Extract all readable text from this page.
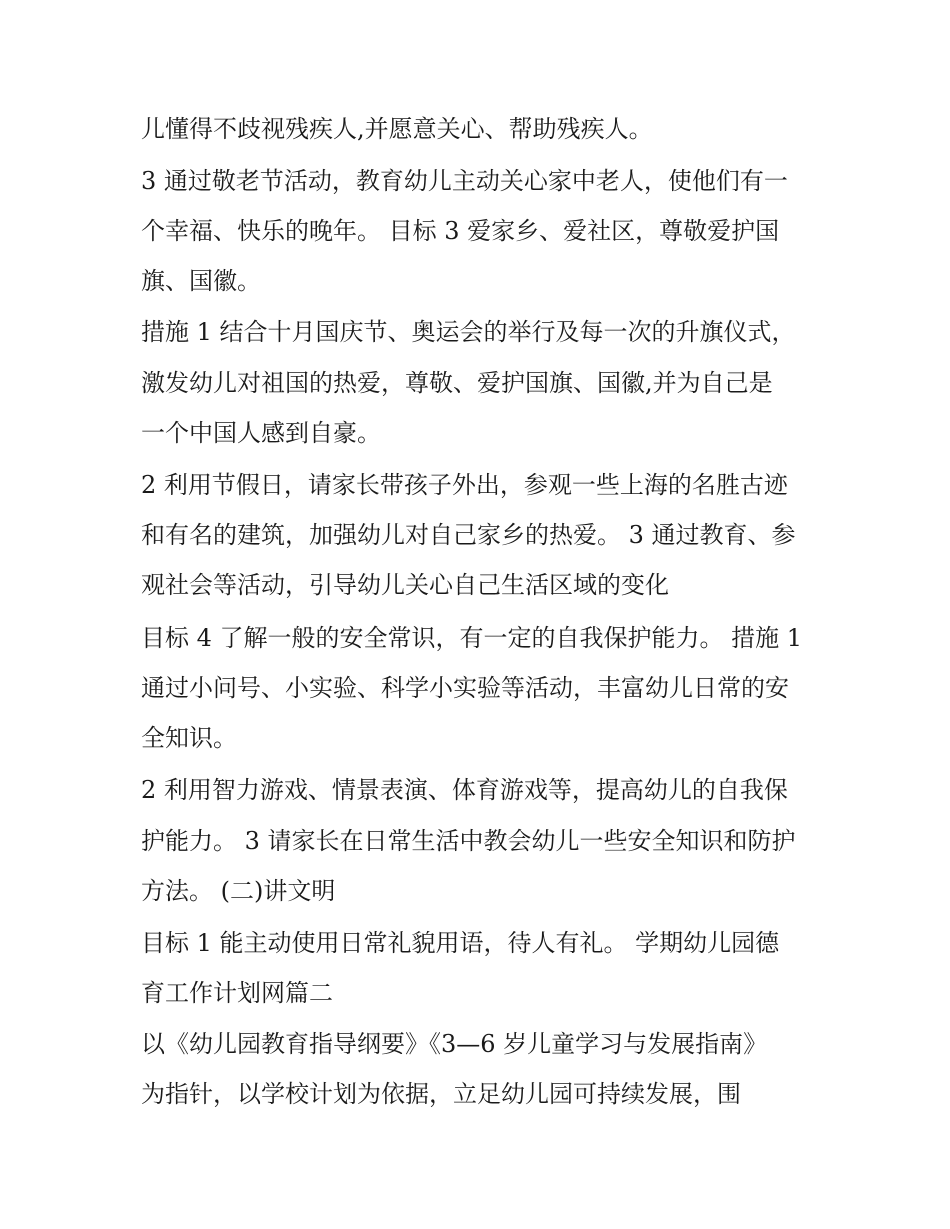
儿懂得不歧视残疾人,并愿意关心、帮助残疾人。

3 通过敬老节活动，教育幼儿主动关心家中老人，使他们有一

个幸福、快乐的晚年。 目标 3 爱家乡、爱社区，尊敬爱护国

旗、国徽。

措施 1 结合十月国庆节、奥运会的举行及每一次的升旗仪式，

激发幼儿对祖国的热爱，尊敬、爱护国旗、国徽,并为自己是

一个中国人感到自豪。

2 利用节假日，请家长带孩子外出，参观一些上海的名胜古迹

和有名的建筑，加强幼儿对自己家乡的热爱。 3 通过教育、参

观社会等活动，引导幼儿关心自己生活区域的变化

目标 4 了解一般的安全常识，有一定的自我保护能力。 措施 1

通过小问号、小实验、科学小实验等活动，丰富幼儿日常的安

全知识。

2 利用智力游戏、情景表演、体育游戏等，提高幼儿的自我保

护能力。 3 请家长在日常生活中教会幼儿一些安全知识和防护

方法。 (二)讲文明

目标 1 能主动使用日常礼貌用语，待人有礼。 学期幼儿园德

育工作计划网篇二

以《幼儿园教育指导纲要》《3—6 岁儿童学习与发展指南》

为指针，以学校计划为依据，立足幼儿园可持续发展，围
